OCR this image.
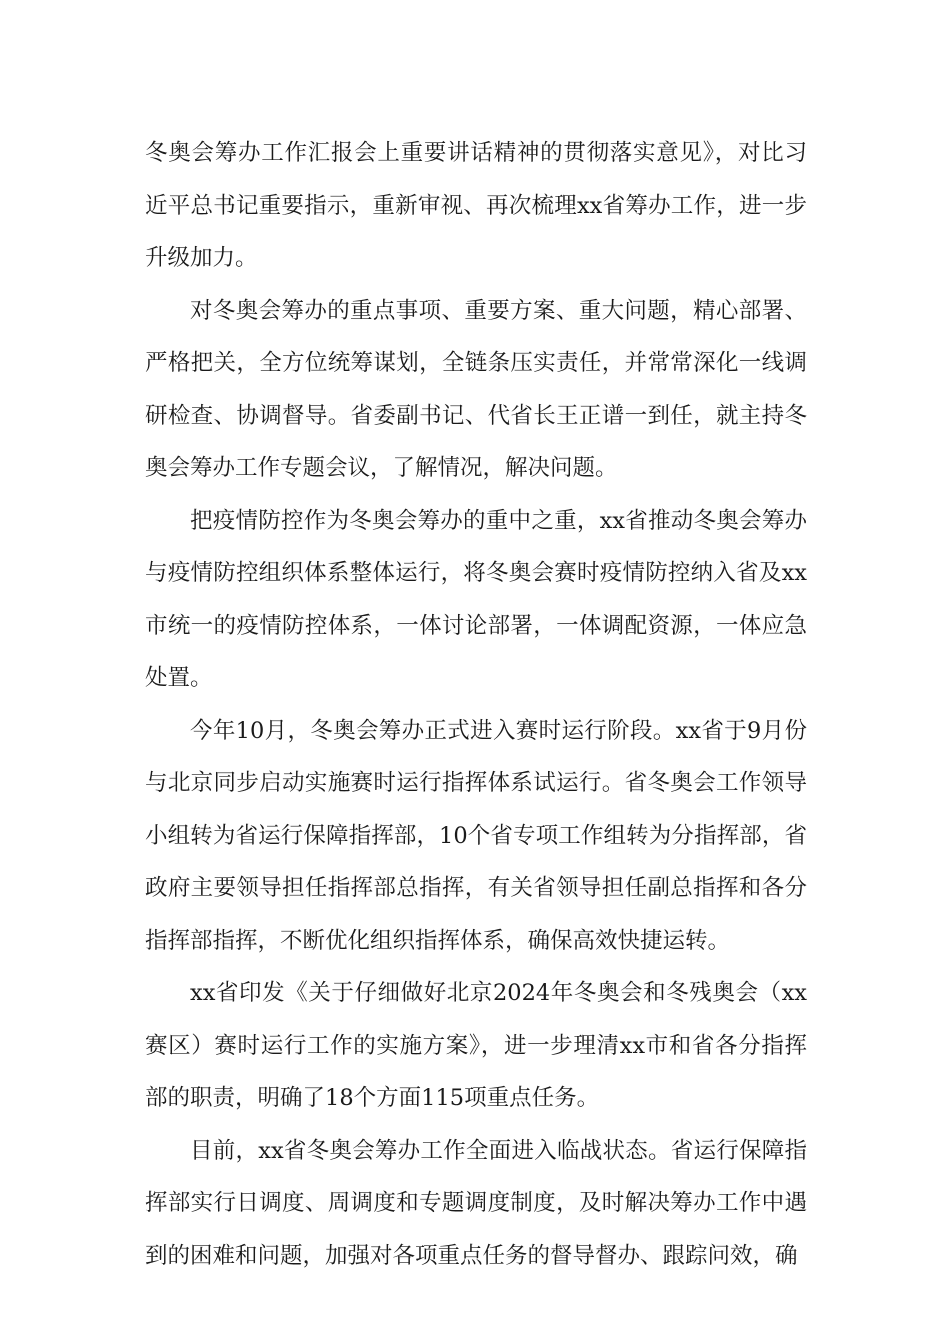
冬奥会筹办工作汇报会上重要讲话精神的贯彻落实意见》，对比习近平总书记重要指示，重新审视、再次梳理xx省筹办工作，进一步升级加力。

对冬奥会筹办的重点事项、重要方案、重大问题，精心部署、严格把关，全方位统筹谋划，全链条压实责任，并常常深化一线调研检查、协调督导。省委副书记、代省长王正谱一到任，就主持冬奥会筹办工作专题会议，了解情况，解决问题。

把疫情防控作为冬奥会筹办的重中之重，xx省推动冬奥会筹办与疫情防控组织体系整体运行，将冬奥会赛时疫情防控纳入省及xx市统一的疫情防控体系，一体讨论部署，一体调配资源，一体应急处置。

今年10月，冬奥会筹办正式进入赛时运行阶段。xx省于9月份与北京同步启动实施赛时运行指挥体系试运行。省冬奥会工作领导小组转为省运行保障指挥部，10个省专项工作组转为分指挥部，省政府主要领导担任指挥部总指挥，有关省领导担任副总指挥和各分指挥部指挥，不断优化组织指挥体系，确保高效快捷运转。

xx省印发《关于仔细做好北京2024年冬奥会和冬残奥会（xx赛区）赛时运行工作的实施方案》，进一步理清xx市和省各分指挥部的职责，明确了18个方面115项重点任务。

目前，xx省冬奥会筹办工作全面进入临战状态。省运行保障指挥部实行日调度、周调度和专题调度制度，及时解决筹办工作中遇到的困难和问题，加强对各项重点任务的督导督办、跟踪问效，确
